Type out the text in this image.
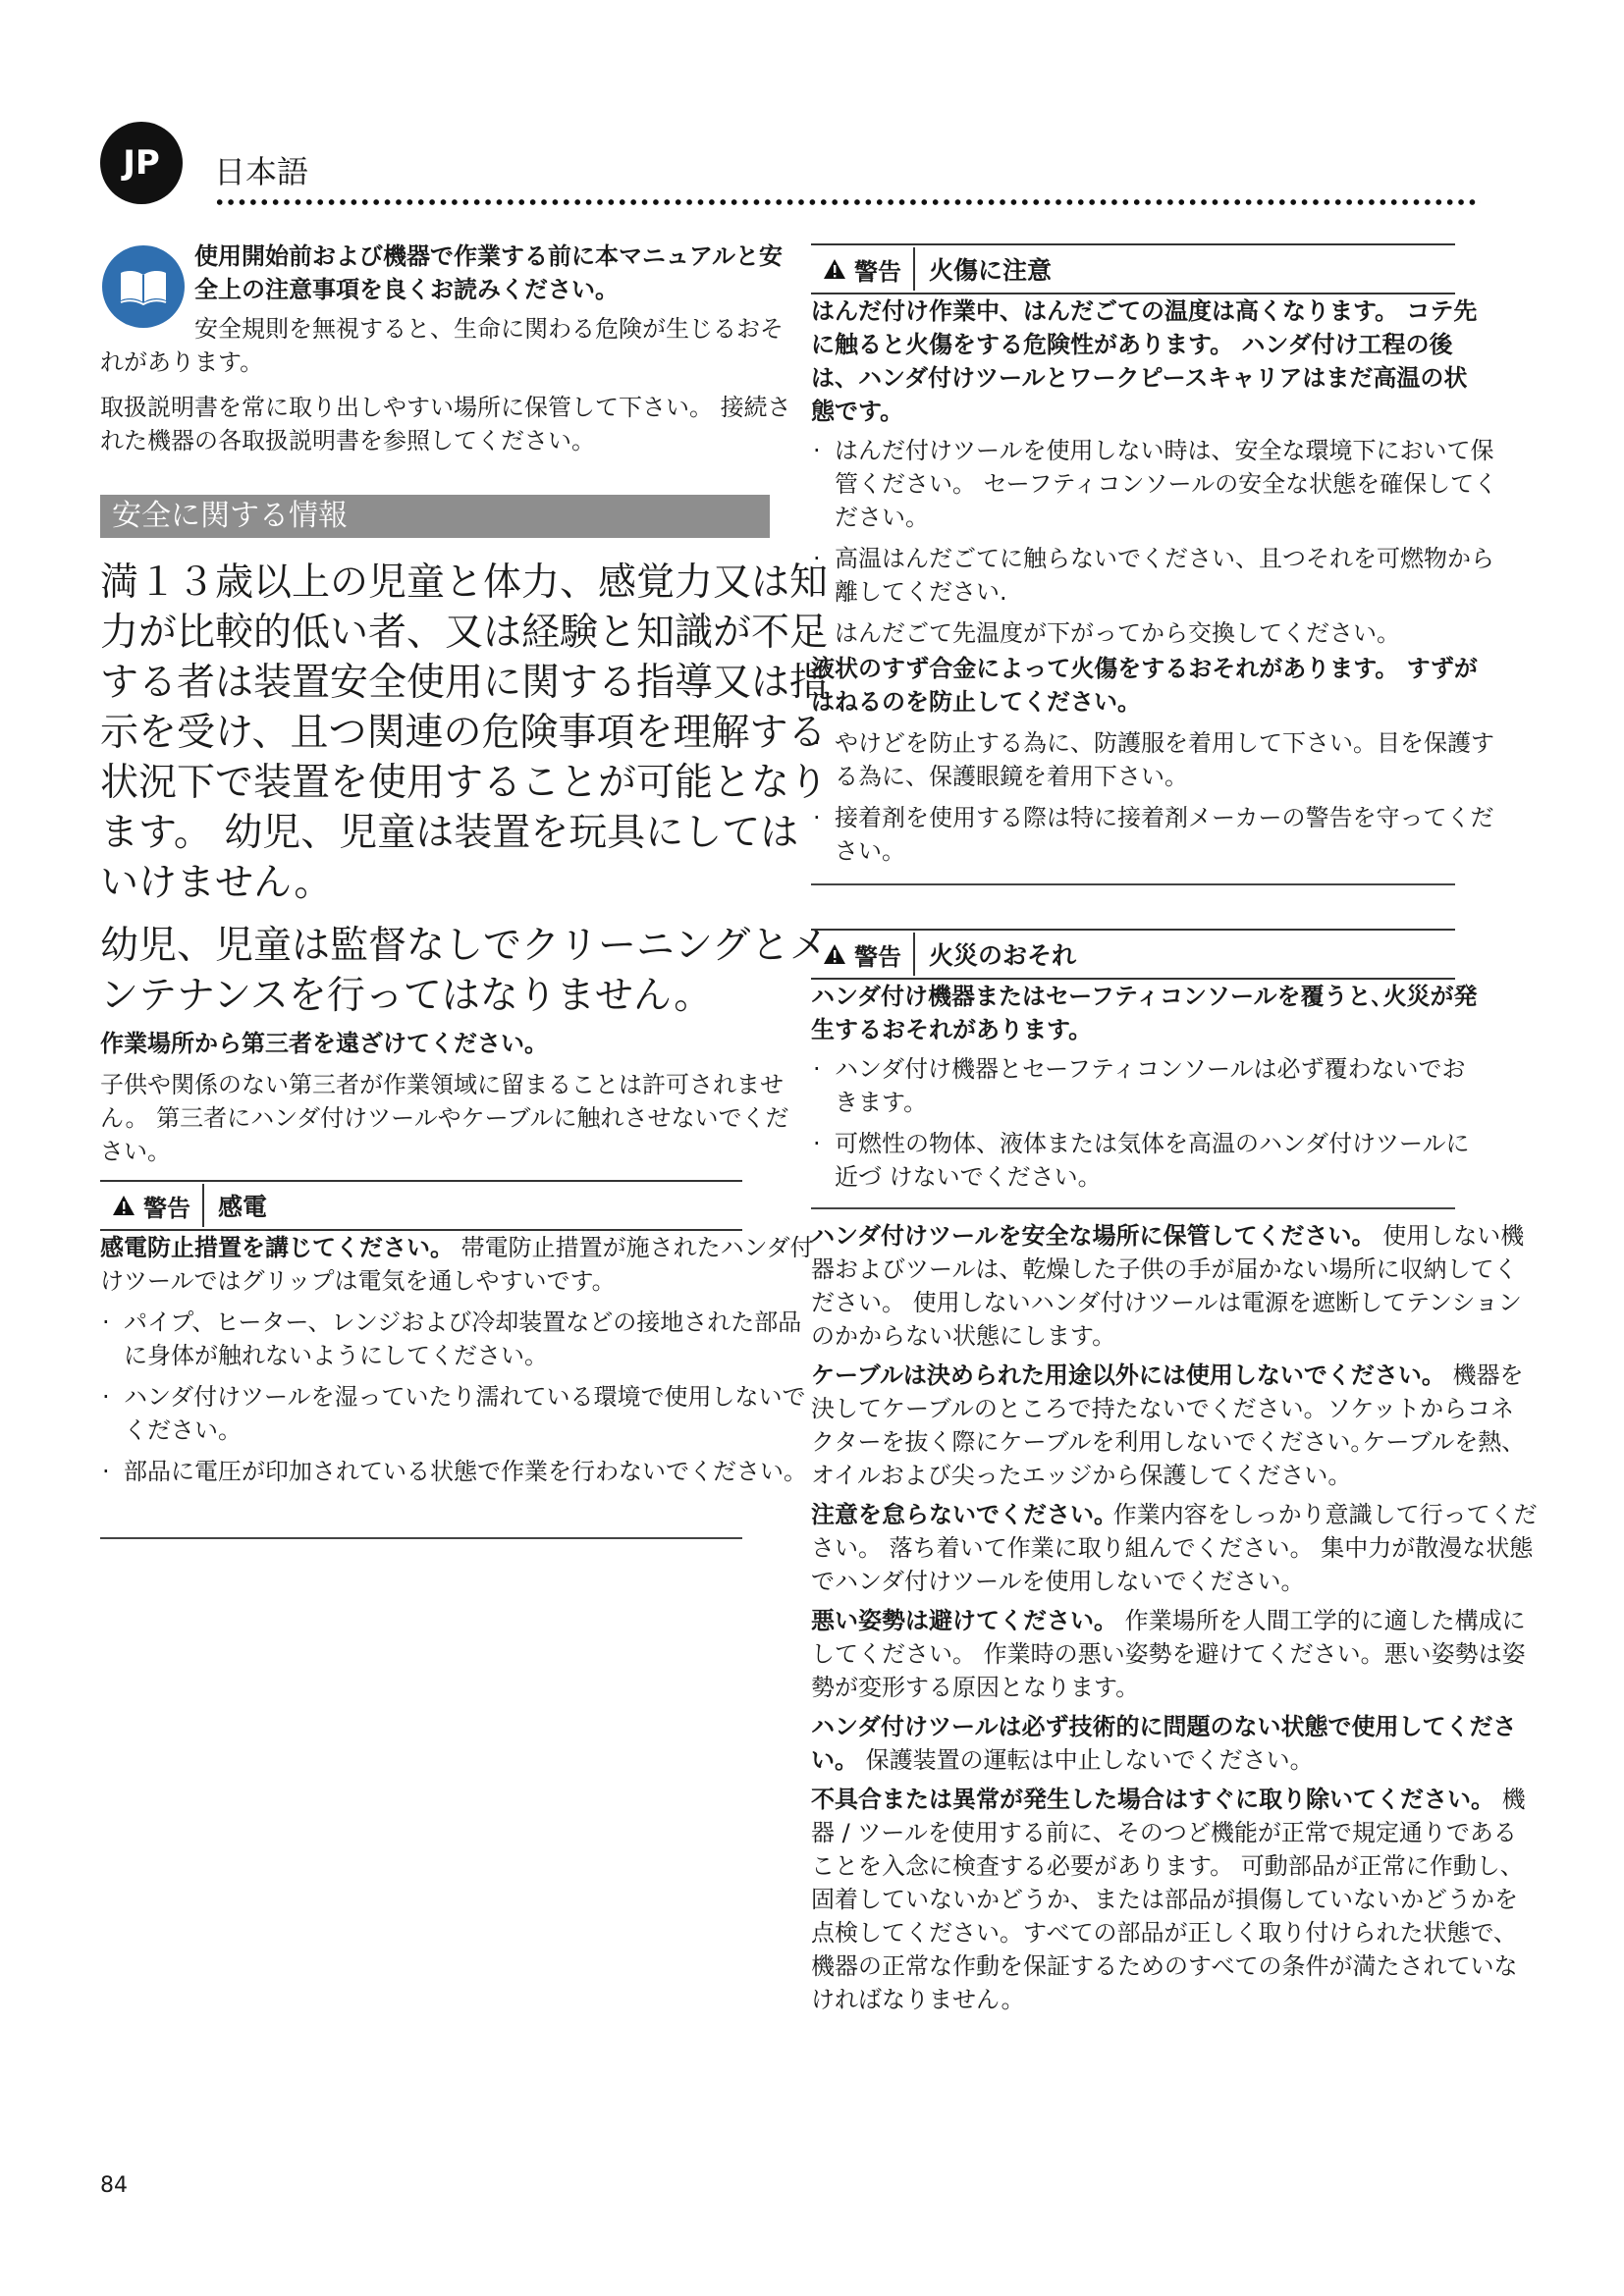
JP 日本語
使用開始前および機器で作業する前に本マニュアルと安全上の注意事項を良くお読みください。
安全規則を無視すると、生命に関わる危険が生じるおそれがあります。
取扱説明書を常に取り出しやすい場所に保管して下さい。 接続された機器の各取扱説明書を参照してください。
安全に関する情報
満１３歳以上の児童と体力、感覚力又は知力が比較的低い者、又は経験と知識が不足する者は装置安全使用に関する指導又は指示を受け、且つ関連の危険事項を理解する状況下で装置を使用することが可能となります。 幼児、児童は装置を玩具にしてはいけません。
幼児、児童は監督なしでクリーニングとメンテナンスを行ってはなりません。
作業場所から第三者を遠ざけてください。
子供や関係のない第三者が作業領域に留まることは許可されません。 第三者にハンダ付けツールやケーブルに触れさせないでください。
警告	感電
感電防止措置を講じてください。 帯電防止措置が施されたハンダ付けツールではグリップは電気を通しやすいです。
· パイプ、ヒーター、レンジおよび冷却装置などの接地された部品に身体が触れないようにしてください。
· ハンダ付けツールを湿っていたり濡れている環境で使用しないでください。
· 部品に電圧が印加されている状態で作業を行わないでください。
警告	火傷に注意
はんだ付け作業中、はんだごての温度は高くなります。 コテ先に触ると火傷をする危険性があります。 ハンダ付け工程の後は、ハンダ付けツールとワークピースキャリアはまだ高温の状 態です。
· はんだ付けツールを使用しない時は、安全な環境下において保管ください。 セーフティコンソールの安全な状態を確保してください。
· 高温はんだごてに触らないでください、且つそれを可燃物から離してください.
· はんだごて先温度が下がってから交換してください。
液状のすず合金によって火傷をするおそれがあります。 すずがはねるのを防止してください。
· やけどを防止する為に、防護服を着用して下さい。目を保護する為に、保護眼鏡を着用下さい。
· 接着剤を使用する際は特に接着剤メーカーの警告を守ってください。
警告	火災のおそれ
ハンダ付け機器またはセーフティコンソールを覆うと､火災が発生するおそれがあります。
· ハンダ付け機器とセーフティコンソールは必ず覆わないでおきます。
· 可燃性の物体、液体または気体を高温のハンダ付けツールに近づ けないでください。
ハンダ付けツールを安全な場所に保管してください。 使用しない機器およびツールは、乾燥した子供の手が届かない場所に収納してください。 使用しないハンダ付けツールは電源を遮断してテンションのかからない状態にします。
ケーブルは決められた用途以外には使用しないでください。 機器を決してケーブルのところで持たないでください。ソケットからコネクターを抜く際にケーブルを利用しないでください｡ケーブルを熱、オイルおよび尖ったエッジから保護してください。
注意を怠らないでください｡ 作業内容をしっかり意識して行ってください。 落ち着いて作業に取り組んでください。 集中力が散漫な状態でハンダ付けツールを使用しないでください。
悪い姿勢は避けてください。 作業場所を人間工学的に適した構成にしてください。 作業時の悪い姿勢を避けてください。悪い姿勢は姿勢が変形する原因となります。
ハンダ付けツールは必ず技術的に問題のない状態で使用してください。 保護装置の運転は中止しないでください。
不具合または異常が発生した場合はすぐに取り除いてください。 機器 / ツールを使用する前に、そのつど機能が正常で規定通りであることを入念に検査する必要があります。 可動部品が正常に作動し、固着していないかどうか、または部品が損傷していないかどうかを点検してください。すべての部品が正しく取り付けられた状態で、機器の正常な作動を保証するためのすべての条件が満たされていなければなりません。
84
